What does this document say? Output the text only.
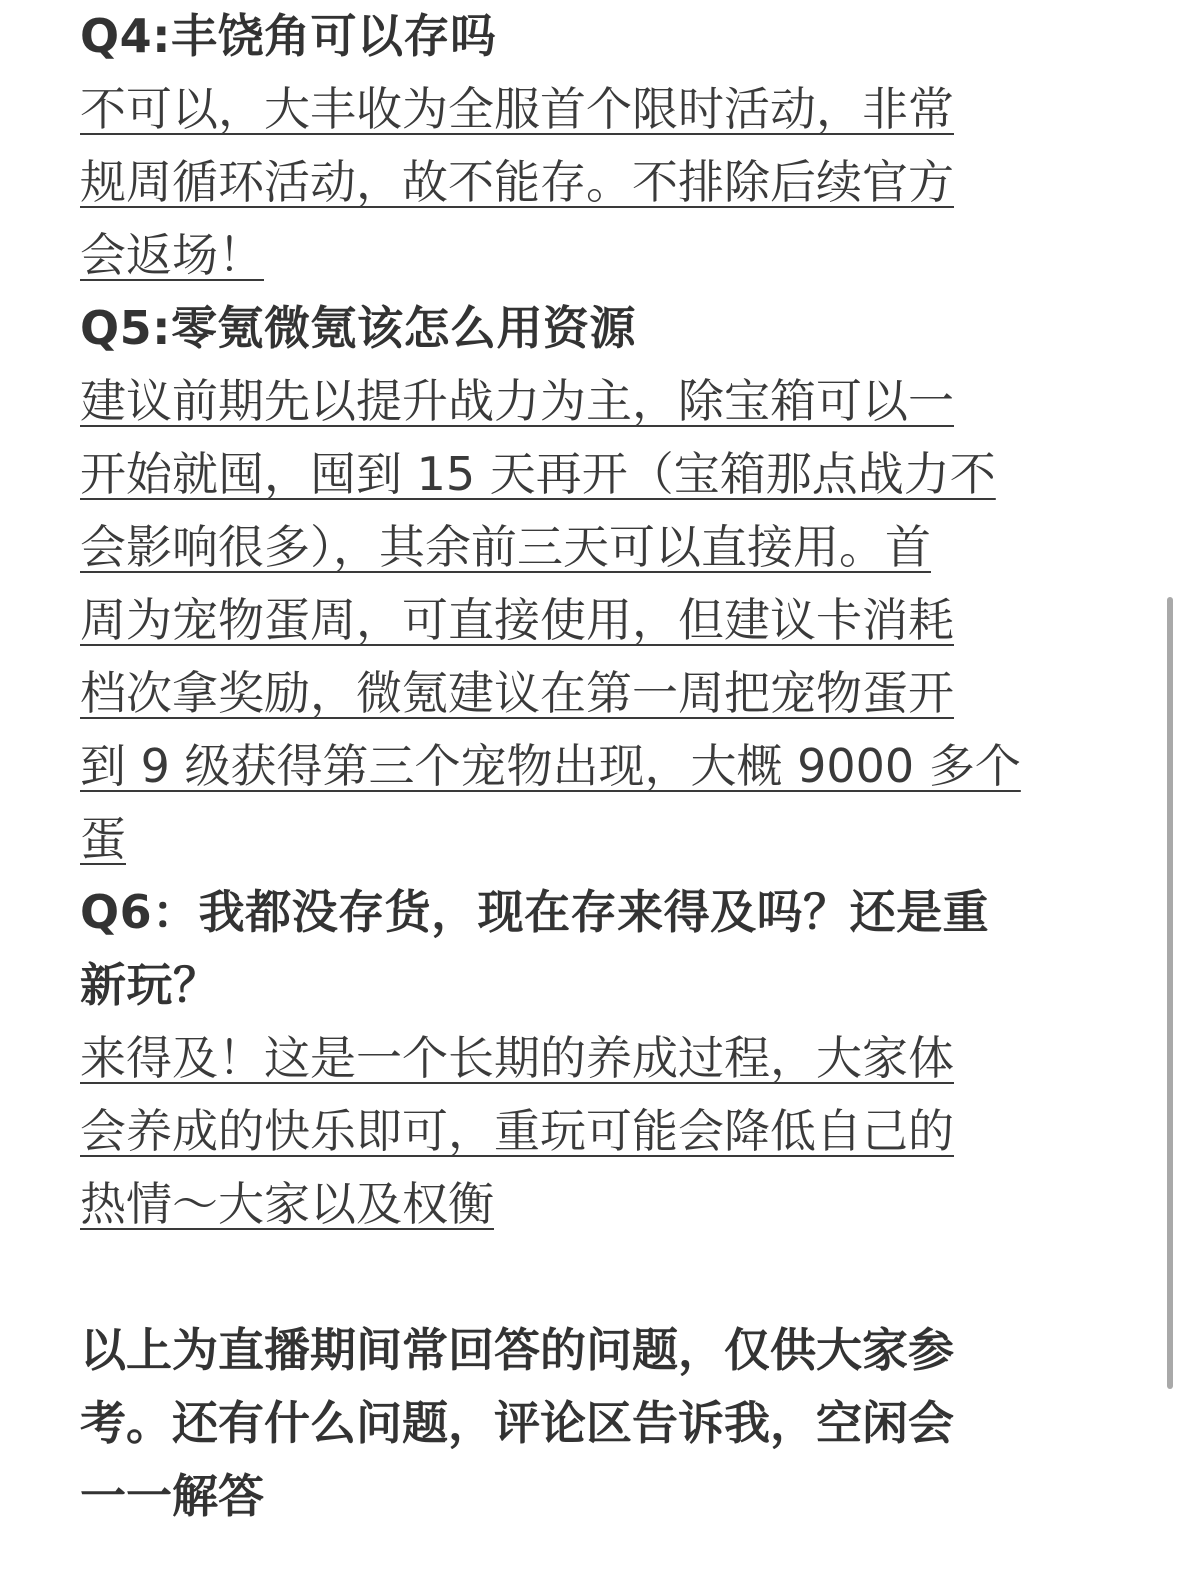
Q4:丰饶角可以存吗
不可以，大丰收为全服首个限时活动，非常
规周循环活动，故不能存。不排除后续官方
会返场！
Q5:零氪微氪该怎么用资源
建议前期先以提升战力为主，除宝箱可以一
开始就囤，囤到 15 天再开（宝箱那点战力不
会影响很多），其余前三天可以直接用。首
周为宠物蛋周，可直接使用，但建议卡消耗
档次拿奖励，微氪建议在第一周把宠物蛋开
到 9 级获得第三个宠物出现，大概 9000 多个
蛋
Q6：我都没存货，现在存来得及吗？还是重
新玩？
来得及！这是一个长期的养成过程，大家体
会养成的快乐即可，重玩可能会降低自己的
热情～大家以及权衡
以上为直播期间常回答的问题，仅供大家参
考。还有什么问题，评论区告诉我，空闲会
一一解答
